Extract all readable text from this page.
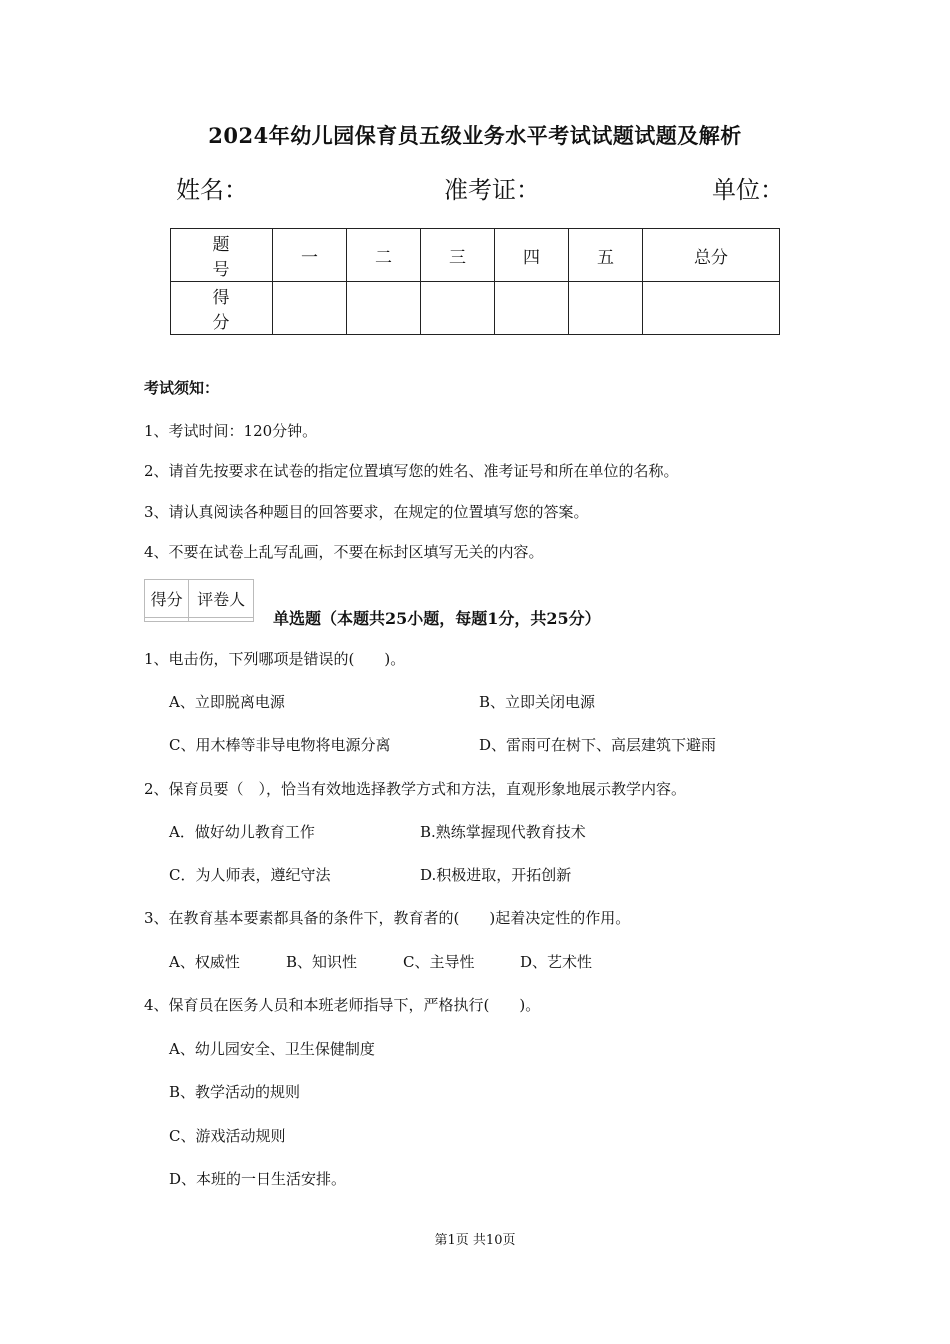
2024年幼儿园保育员五级业务水平考试试题试题及解析
姓名：	准考证：	单位：
题　号	一	二	三	四	五	总分
得　分						
考试须知：
1、考试时间：120分钟。
2、请首先按要求在试卷的指定位置填写您的姓名、准考证号和所在单位的名称。
3、请认真阅读各种题目的回答要求，在规定的位置填写您的答案。
4、不要在试卷上乱写乱画，不要在标封区填写无关的内容。
得分	评卷人

单选题（本题共25小题，每题1分，共25分）
1、电击伤，下列哪项是错误的(　　)。
A、立即脱离电源	B、立即关闭电源
C、用木棒等非导电物将电源分离	D、雷雨可在树下、高层建筑下避雨
2、保育员要（　），恰当有效地选择教学方式和方法，直观形象地展示教学内容。
A．做好幼儿教育工作	B.熟练掌握现代教育技术
C．为人师表，遵纪守法	D.积极进取，开拓创新
3、在教育基本要素都具备的条件下，教育者的(　　)起着决定性的作用。
A、权威性	B、知识性	C、主导性	D、艺术性
4、保育员在医务人员和本班老师指导下，严格执行(　　)。
A、幼儿园安全、卫生保健制度
B、教学活动的规则
C、游戏活动规则
D、本班的一日生活安排。
第1页 共10页
